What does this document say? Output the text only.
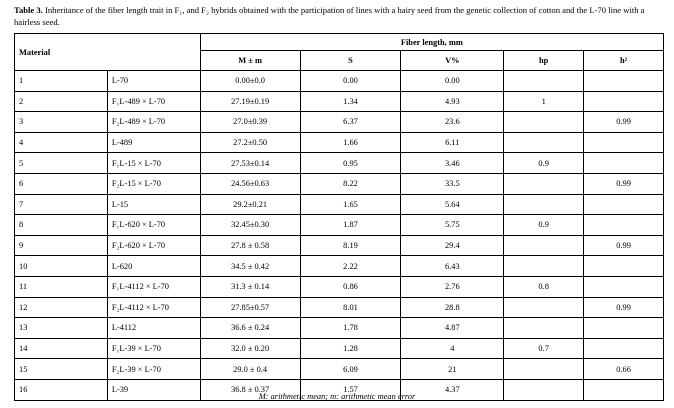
Table 3. Inheritance of the fiber length trait in F₁, and F₂ hybrids obtained with the participation of lines with a hairy seed from the genetic collection of cotton and the L-70 line with a hairless seed.
Material		Fiber length, mm				
		M ± m	S	V%	hp	h²
1	L-70	0.00±0.0	0.00	0.00		
2	F₁L-489 × L-70	27.19±0.19	1.34	4.93	1	
3	F₂L-489 × L-70	27.0±0.39	6.37	23.6		0.99
4	L-489	27.2±0.50	1.66	6.11		
5	F₁L-15 × L-70	27.53±0.14	0.95	3.46	0.9	
6	F₂L-15 × L-70	24.56±0.63	8.22	33.5		0.99
7	L-15	29.2±0.21	1.65	5.64		
8	F₁L-620 × L-70	32.45±0.30	1.87	5.75	0.9	
9	F₂L-620 × L-70	27.8 ± 0.58	8.19	29.4		0.99
10	L-620	34.5 ± 0.42	2.22	6.43		
11	F₁L-4112 × L-70	31.3 ± 0.14	0.86	2.76	0.8	
12	F₂L-4112 × L-70	27.85±0.57	8.01	28.8		0.99
13	L-4112	36.6 ± 0.24	1.78	4.87		
14	F₁L-39 × L-70	32.0 ± 0.20	1.28	4	0.7	
15	F₂L-39 × L-70	29.0 ± 0.4	6.09	21		0.66
16	L-39	36.8 ± 0.37	1.57	4.37		
M: arithmetic mean; m: arithmetic mean error
